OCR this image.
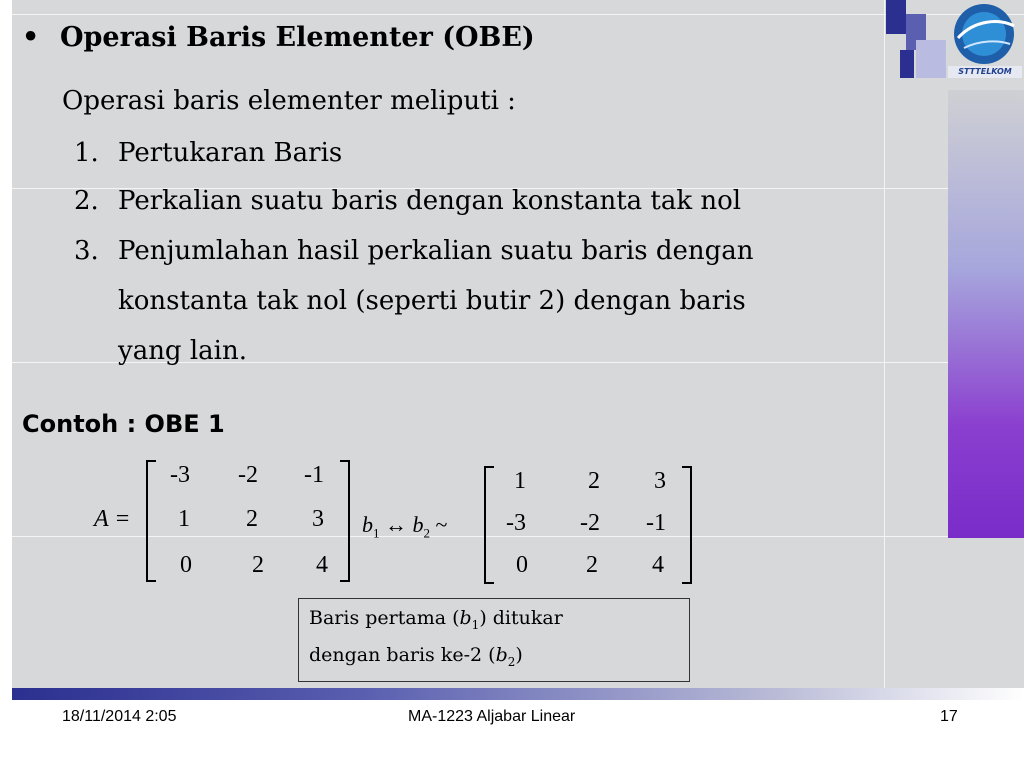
STTTELKOM
• Operasi Baris Elementer (OBE)
Operasi baris elementer meliputi :
1. Pertukaran Baris
2. Perkalian suatu baris dengan konstanta tak nol
3. Penjumlahan hasil perkalian suatu baris dengan
konstanta tak nol (seperti butir 2) dengan baris
yang lain.
Contoh : OBE 1
A =
-3	-2	-1
1	2	3
0	2	4
$b_1$ ↔ $b_2$ ~
1	2	3
-3	-2	-1
0	2	4
Baris pertama $(b_1)$ ditukar
dengan baris ke-2 $(b_2)$
18/11/2014 2:05	MA-1223 Aljabar Linear	17
